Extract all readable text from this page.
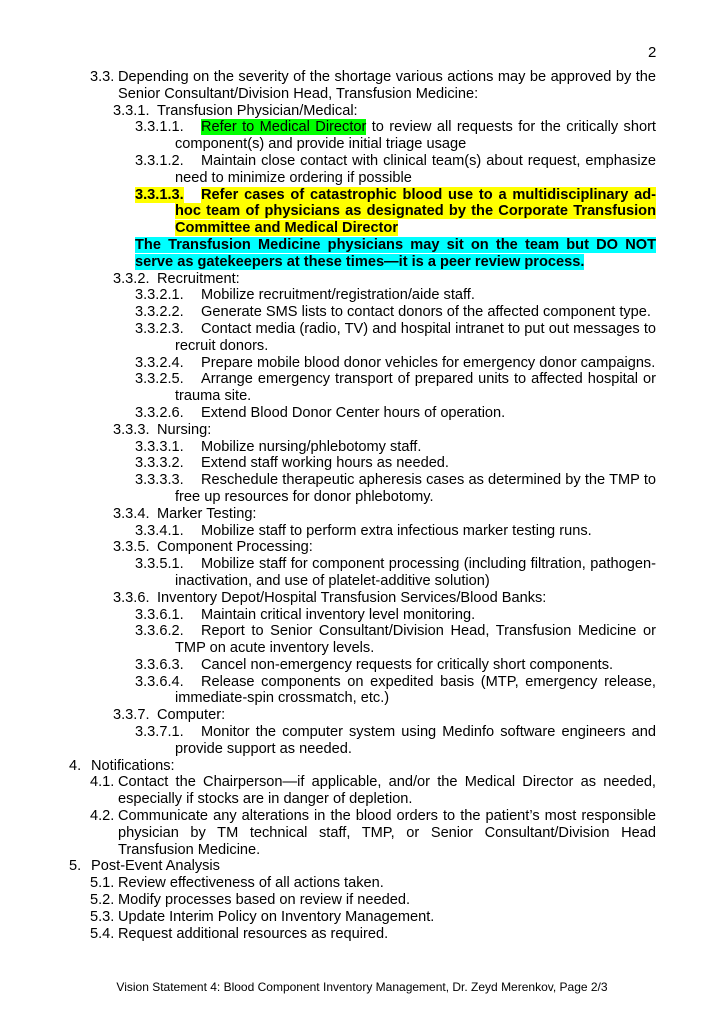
2
3.3. Depending on the severity of the shortage various actions may be approved by the Senior Consultant/Division Head, Transfusion Medicine:
3.3.1. Transfusion Physician/Medical:
3.3.1.1.	Refer to Medical Director to review all requests for the critically short component(s) and provide initial triage usage
3.3.1.2.	Maintain close contact with clinical team(s) about request, emphasize need to minimize ordering if possible
3.3.1.3.	Refer cases of catastrophic blood use to a multidisciplinary ad-hoc team of physicians as designated by the Corporate Transfusion Committee and Medical Director
The Transfusion Medicine physicians may sit on the team but DO NOT serve as gatekeepers at these times—it is a peer review process.
3.3.2. Recruitment:
3.3.2.1.	Mobilize recruitment/registration/aide staff.
3.3.2.2.	Generate SMS lists to contact donors of the affected component type.
3.3.2.3.	Contact media (radio, TV) and hospital intranet to put out messages to recruit donors.
3.3.2.4.	Prepare mobile blood donor vehicles for emergency donor campaigns.
3.3.2.5.	Arrange emergency transport of prepared units to affected hospital or trauma site.
3.3.2.6.	Extend Blood Donor Center hours of operation.
3.3.3. Nursing:
3.3.3.1.	Mobilize nursing/phlebotomy staff.
3.3.3.2.	Extend staff working hours as needed.
3.3.3.3.	Reschedule therapeutic apheresis cases as determined by the TMP to free up resources for donor phlebotomy.
3.3.4. Marker Testing:
3.3.4.1.	Mobilize staff to perform extra infectious marker testing runs.
3.3.5. Component Processing:
3.3.5.1.	Mobilize staff for component processing (including filtration, pathogen-inactivation, and use of platelet-additive solution)
3.3.6. Inventory Depot/Hospital Transfusion Services/Blood Banks:
3.3.6.1.	Maintain critical inventory level monitoring.
3.3.6.2.	Report to Senior Consultant/Division Head, Transfusion Medicine or TMP on acute inventory levels.
3.3.6.3.	Cancel non-emergency requests for critically short components.
3.3.6.4.	Release components on expedited basis (MTP, emergency release, immediate-spin crossmatch, etc.)
3.3.7. Computer:
3.3.7.1.	Monitor the computer system using Medinfo software engineers and provide support as needed.
4. Notifications:
4.1. Contact the Chairperson—if applicable, and/or the Medical Director as needed, especially if stocks are in danger of depletion.
4.2. Communicate any alterations in the blood orders to the patient’s most responsible physician by TM technical staff, TMP, or Senior Consultant/Division Head Transfusion Medicine.
5. Post-Event Analysis
5.1. Review effectiveness of all actions taken.
5.2. Modify processes based on review if needed.
5.3. Update Interim Policy on Inventory Management.
5.4. Request additional resources as required.
Vision Statement 4: Blood Component Inventory Management, Dr. Zeyd Merenkov, Page 2/3
